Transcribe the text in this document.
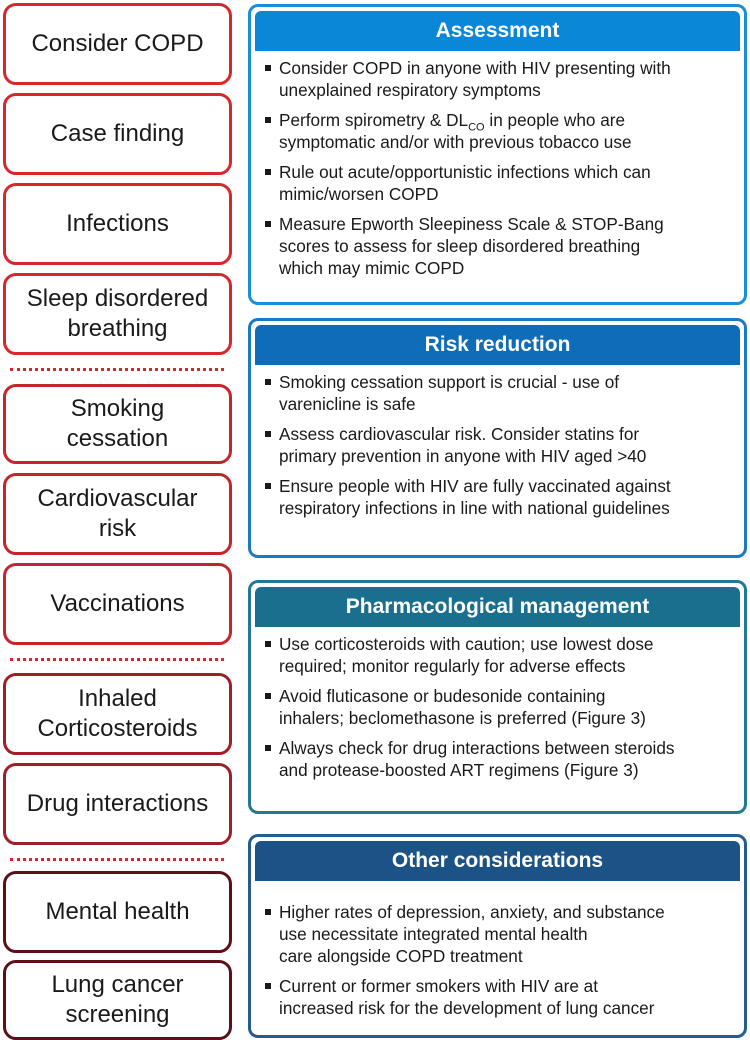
Consider COPD
Case finding
Infections
Sleep disordered
breathing
Smoking
cessation
Cardiovascular
risk
Vaccinations
Inhaled
Corticosteroids
Drug interactions
Mental health
Lung cancer
screening
Assessment
Consider COPD in anyone with HIV presenting with
unexplained respiratory symptoms
Perform spirometry & $DL_{CO}$ in people who are
symptomatic and/or with previous tobacco use
Rule out acute/opportunistic infections which can
mimic/worsen COPD
Measure Epworth Sleepiness Scale & STOP-Bang
scores to assess for sleep disordered breathing
which may mimic COPD
Risk reduction
Smoking cessation support is crucial - use of
varenicline is safe
Assess cardiovascular risk. Consider statins for
primary prevention in anyone with HIV aged >40
Ensure people with HIV are fully vaccinated against
respiratory infections in line with national guidelines
Pharmacological management
Use corticosteroids with caution; use lowest dose
required; monitor regularly for adverse effects
Avoid fluticasone or budesonide containing
inhalers; beclomethasone is preferred (Figure 3)
Always check for drug interactions between steroids
and protease-boosted ART regimens (Figure 3)
Other considerations
Higher rates of depression, anxiety, and substance
use necessitate integrated mental health
care alongside COPD treatment
Current or former smokers with HIV are at
increased risk for the development of lung cancer
